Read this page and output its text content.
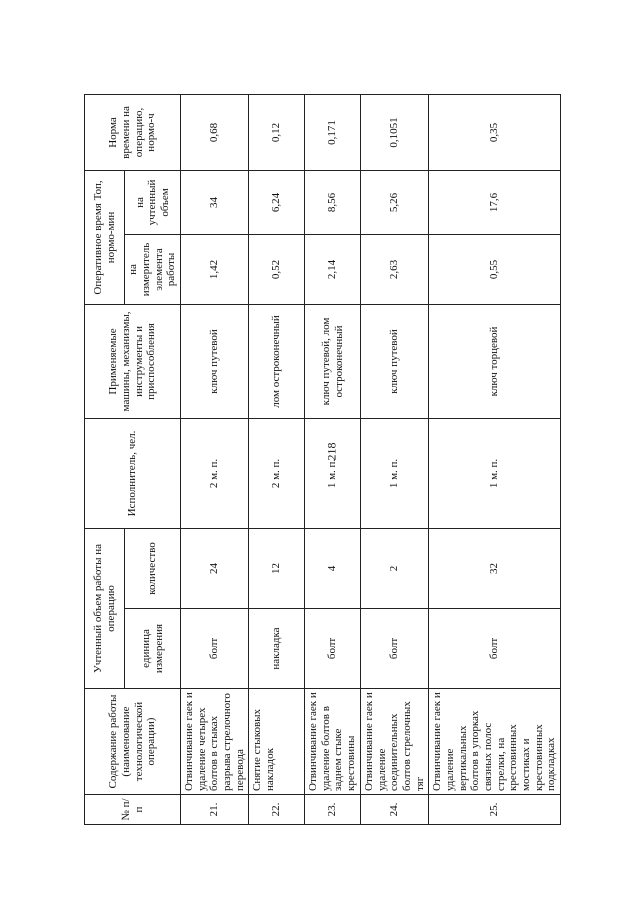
218
№ п/п	Содержание работы (наименование технологической операции)	Учтенный объем работы на операцию		Исполнитель, чел.	Применяемые машины, механизмы, инструменты и приспособления	Оперативное время Топ, нормо-мин		Норма времени на операцию, нормо-ч
		единица измерения	количество			на измеритель элемента работы	на учтенный объем	
21.	Отвинчивание гаек и удаление четырех болтов в стыках разрыва стрелочного перевода	болт	24	2 м. п.	ключ путевой	1,42	34	0,68
22.	Снятие стыковых накладок	накладка	12	2 м. п.	лом остроконечный	0,52	6,24	0,12
23.	Отвинчивание гаек и удаление болтов в заднем стыке крестовины	болт	4	1 м. п.	ключ путевой, лом остроконечный	2,14	8,56	0,171
24.	Отвинчивание гаек и удаление соединительных болтов стрелочных тяг	болт	2	1 м. п.	ключ путевой	2,63	5,26	0,1051
25.	Отвинчивание гаек и удаление вертикальных болтов в упорках связных полос стрелки, на крестовинных мостиках и крестовинных подкладках	болт	32	1 м. п.	ключ торцевой	0,55	17,6	0,35
